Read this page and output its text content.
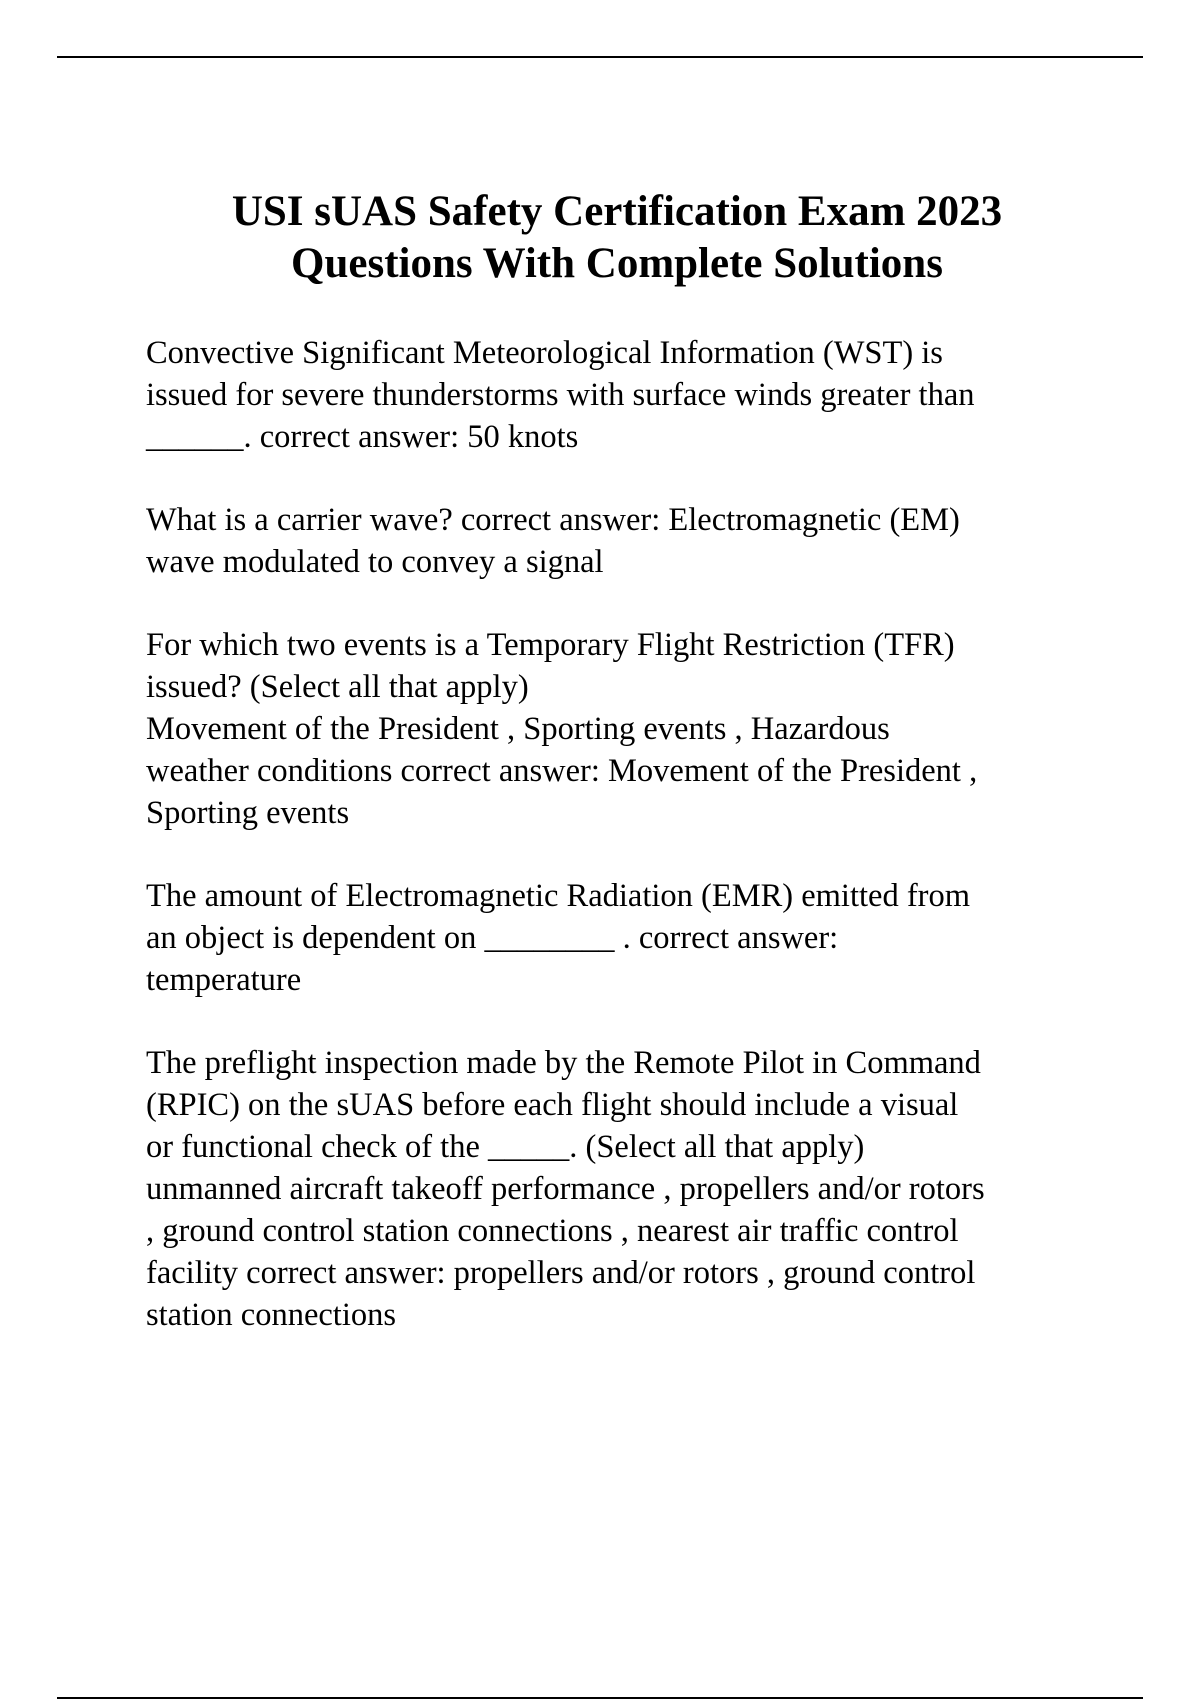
USI sUAS Safety Certification Exam 2023
Questions With Complete Solutions

Convective Significant Meteorological Information (WST) is

issued for severe thunderstorms with surface winds greater than

______. correct answer: 50 knots

What is a carrier wave? correct answer: Electromagnetic (EM)

wave modulated to convey a signal

For which two events is a Temporary Flight Restriction (TFR)

issued? (Select all that apply)

Movement of the President , Sporting events , Hazardous

weather conditions correct answer: Movement of the President ,

Sporting events

The amount of Electromagnetic Radiation (EMR) emitted from

an object is dependent on ________ . correct answer:

temperature

The preflight inspection made by the Remote Pilot in Command

(RPIC) on the sUAS before each flight should include a visual

or functional check of the _____. (Select all that apply)

unmanned aircraft takeoff performance , propellers and/or rotors

, ground control station connections , nearest air traffic control

facility correct answer: propellers and/or rotors , ground control

station connections
